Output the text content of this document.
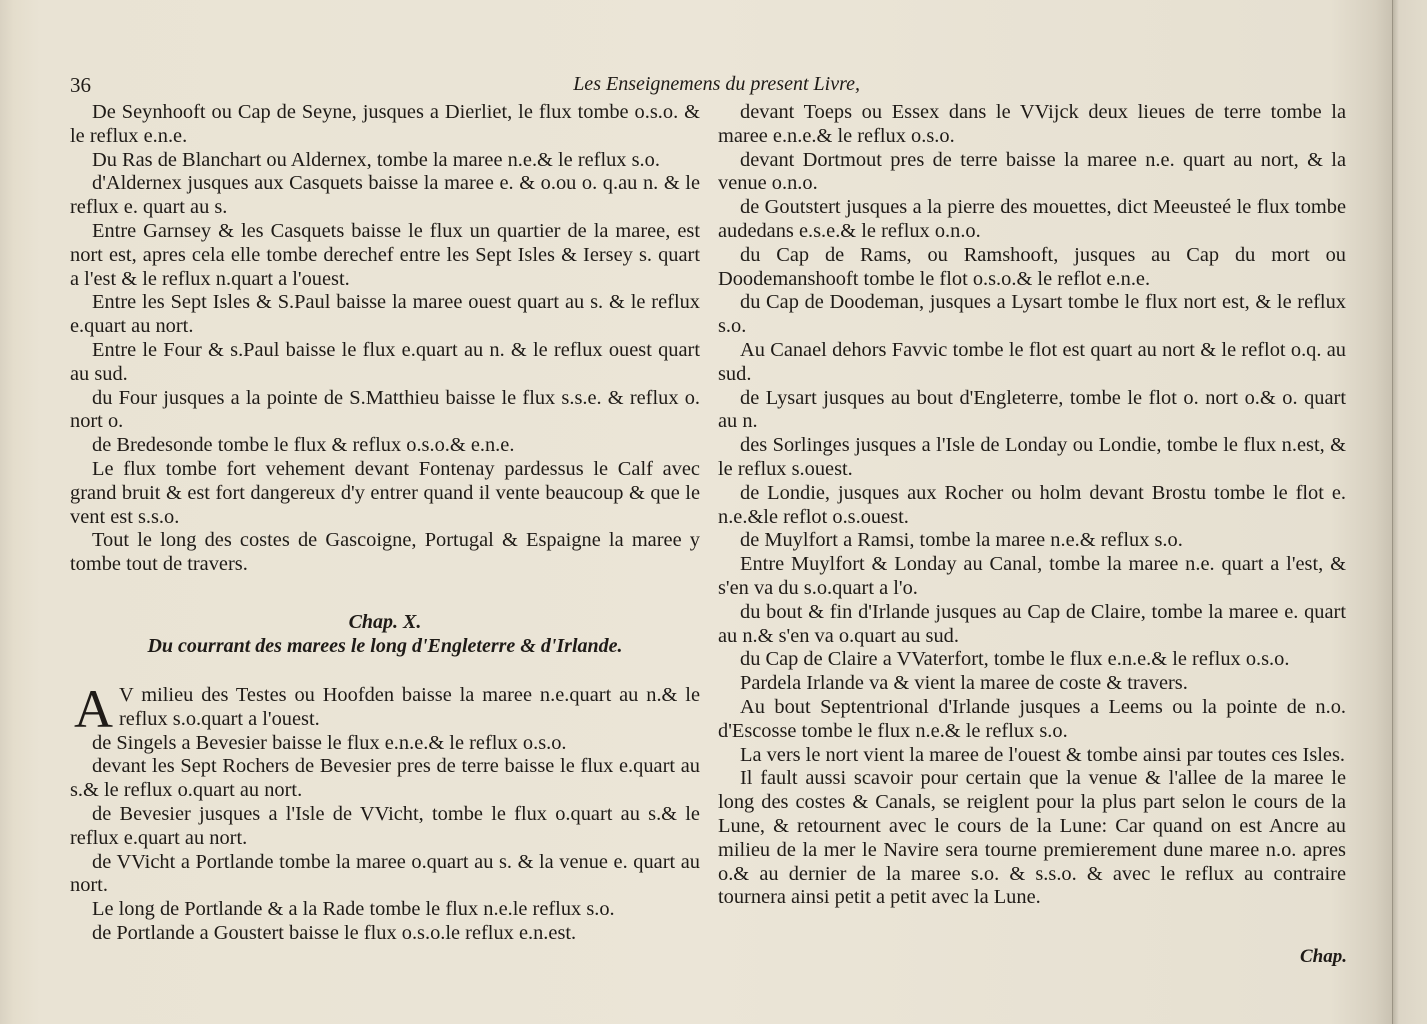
36	Les Enseignemens du present Livre,

De Seynhooft ou Cap de Seyne, jusques a Dierliet, le flux tombe o.s.o. & le reflux e.n.e.

Du Ras de Blanchart ou Aldernex, tombe la maree n.e.& le reflux s.o.

d'Aldernex jusques aux Casquets baisse la maree e. & o.ou o. q.au n. & le reflux e. quart au s.

Entre Garnsey & les Casquets baisse le flux un quartier de la maree, est nort est, apres cela elle tombe derechef entre les Sept Isles & Iersey s. quart a l'est & le reflux n.quart a l'ouest.

Entre les Sept Isles & S.Paul baisse la maree ouest quart au s. & le reflux e.quart au nort.

Entre le Four & s.Paul baisse le flux e.quart au n. & le reflux ouest quart au sud.

du Four jusques a la pointe de S.Matthieu baisse le flux s.s.e. & reflux o. nort o.

de Bredesonde tombe le flux & reflux o.s.o.& e.n.e.

Le flux tombe fort vehement devant Fontenay pardessus le Calf avec grand bruit & est fort dangereux d'y entrer quand il vente beaucoup & que le vent est s.s.o.

Tout le long des costes de Gascoigne, Portugal & Espaigne la maree y tombe tout de travers.

Chap. X.
Du courrant des marees le long d'Engleterre & d'Irlande.

A V milieu des Testes ou Hoofden baisse la maree n.e.quart au n.& le reflux s.o.quart a l'ouest.

de Singels a Bevesier baisse le flux e.n.e.& le reflux o.s.o.

devant les Sept Rochers de Bevesier pres de terre baisse le flux e.quart au s.& le reflux o.quart au nort.

de Bevesier jusques a l'Isle de VVicht, tombe le flux o.quart au s.& le reflux e.quart au nort.

de VVicht a Portlande tombe la maree o.quart au s. & la venue e. quart au nort.

Le long de Portlande & a la Rade tombe le flux n.e.le reflux s.o.

de Portlande a Goustert baisse le flux o.s.o.le reflux e.n.est.

devant Toeps ou Essex dans le VVijck deux lieues de terre tombe la maree e.n.e.& le reflux o.s.o.

devant Dortmout pres de terre baisse la maree n.e. quart au nort, & la venue o.n.o.

de Goutstert jusques a la pierre des mouettes, dict Meeusteé le flux tombe audedans e.s.e.& le reflux o.n.o.

du Cap de Rams, ou Ramshooft, jusques au Cap du mort ou Doodemanshooft tombe le flot o.s.o.& le reflot e.n.e.

du Cap de Doodeman, jusques a Lysart tombe le flux nort est, & le reflux s.o.

Au Canael dehors Favvic tombe le flot est quart au nort & le reflot o.q. au sud.

de Lysart jusques au bout d'Engleterre, tombe le flot o. nort o.& o. quart au n.

des Sorlinges jusques a l'Isle de Londay ou Londie, tombe le flux n.est, & le reflux s.ouest.

de Londie, jusques aux Rocher ou holm devant Brostu tombe le flot e. n.e.&le reflot o.s.ouest.

de Muylfort a Ramsi, tombe la maree n.e.& reflux s.o.

Entre Muylfort & Londay au Canal, tombe la maree n.e. quart a l'est, & s'en va du s.o.quart a l'o.

du bout & fin d'Irlande jusques au Cap de Claire, tombe la maree e. quart au n.& s'en va o.quart au sud.

du Cap de Claire a VVaterfort, tombe le flux e.n.e.& le reflux o.s.o.

Pardela Irlande va & vient la maree de coste & travers.

Au bout Septentrional d'Irlande jusques a Leems ou la pointe de n.o. d'Escosse tombe le flux n.e.& le reflux s.o.

La vers le nort vient la maree de l'ouest & tombe ainsi par toutes ces Isles.

Il fault aussi scavoir pour certain que la venue & l'allee de la maree le long des costes & Canals, se reiglent pour la plus part selon le cours de la Lune, & retournent avec le cours de la Lune: Car quand on est Ancre au milieu de la mer le Navire sera tourne premierement dune maree n.o. apres o.& au dernier de la maree s.o. & s.s.o. & avec le reflux au contraire tournera ainsi petit a petit avec la Lune.

Chap.
